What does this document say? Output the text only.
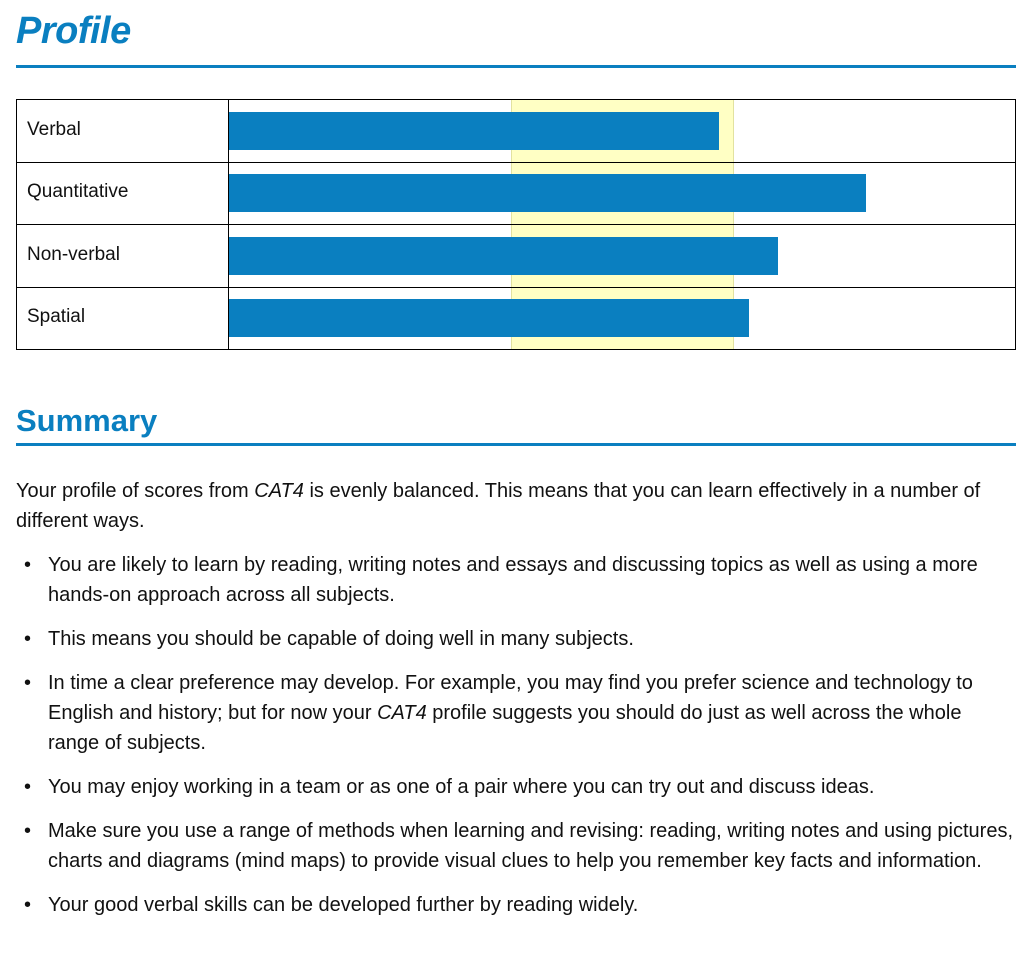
Profile
Verbal
Quantitative
Non-verbal
Spatial
Summary

Your profile of scores from CAT4 is evenly balanced. This means that you can learn effectively in a number of different ways.

• You are likely to learn by reading, writing notes and essays and discussing topics as well as using a more hands-on approach across all subjects.
• This means you should be capable of doing well in many subjects.
• In time a clear preference may develop. For example, you may find you prefer science and technology to English and history; but for now your CAT4 profile suggests you should do just as well across the whole range of subjects.
• You may enjoy working in a team or as one of a pair where you can try out and discuss ideas.
• Make sure you use a range of methods when learning and revising: reading, writing notes and using pictures, charts and diagrams (mind maps) to provide visual clues to help you remember key facts and information.
• Your good verbal skills can be developed further by reading widely.
